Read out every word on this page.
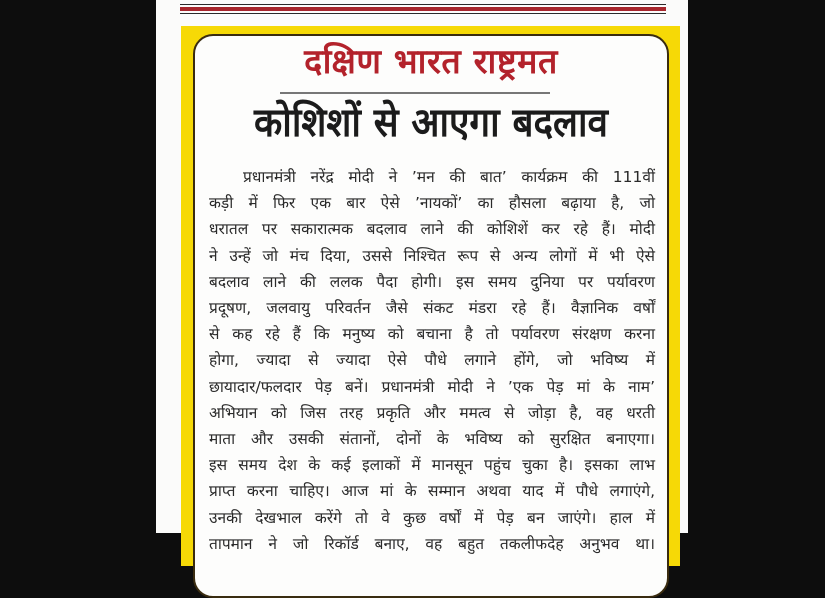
दक्षिण भारत राष्ट्रमत
कोशिशों से आएगा बदलाव
प्रधानमंत्री नरेंद्र मोदी ने ’मन की बात’ कार्यक्रम की 111वीं
कड़ी में फिर एक बार ऐसे ’नायकों’ का हौसला बढ़ाया है, जो
धरातल पर सकारात्मक बदलाव लाने की कोशिशें कर रहे हैं। मोदी
ने उन्हें जो मंच दिया, उससे निश्चित रूप से अन्य लोगों में भी ऐसे
बदलाव लाने की ललक पैदा होगी। इस समय दुनिया पर पर्यावरण
प्रदूषण, जलवायु परिवर्तन जैसे संकट मंडरा रहे हैं। वैज्ञानिक वर्षों
से कह रहे हैं कि मनुष्य को बचाना है तो पर्यावरण संरक्षण करना
होगा, ज्यादा से ज्यादा ऐसे पौधे लगाने होंगे, जो भविष्य में
छायादार/फलदार पेड़ बनें। प्रधानमंत्री मोदी ने ’एक पेड़ मां के नाम’
अभियान को जिस तरह प्रकृति और ममत्व से जोड़ा है, वह धरती
माता और उसकी संतानों, दोनों के भविष्य को सुरक्षित बनाएगा।
इस समय देश के कई इलाकों में मानसून पहुंच चुका है। इसका लाभ
प्राप्त करना चाहिए। आज मां के सम्मान अथवा याद में पौधे लगाएंगे,
उनकी देखभाल करेंगे तो वे कुछ वर्षों में पेड़ बन जाएंगे। हाल में
तापमान ने जो रिकॉर्ड बनाए, वह बहुत तकलीफदेह अनुभव था।
